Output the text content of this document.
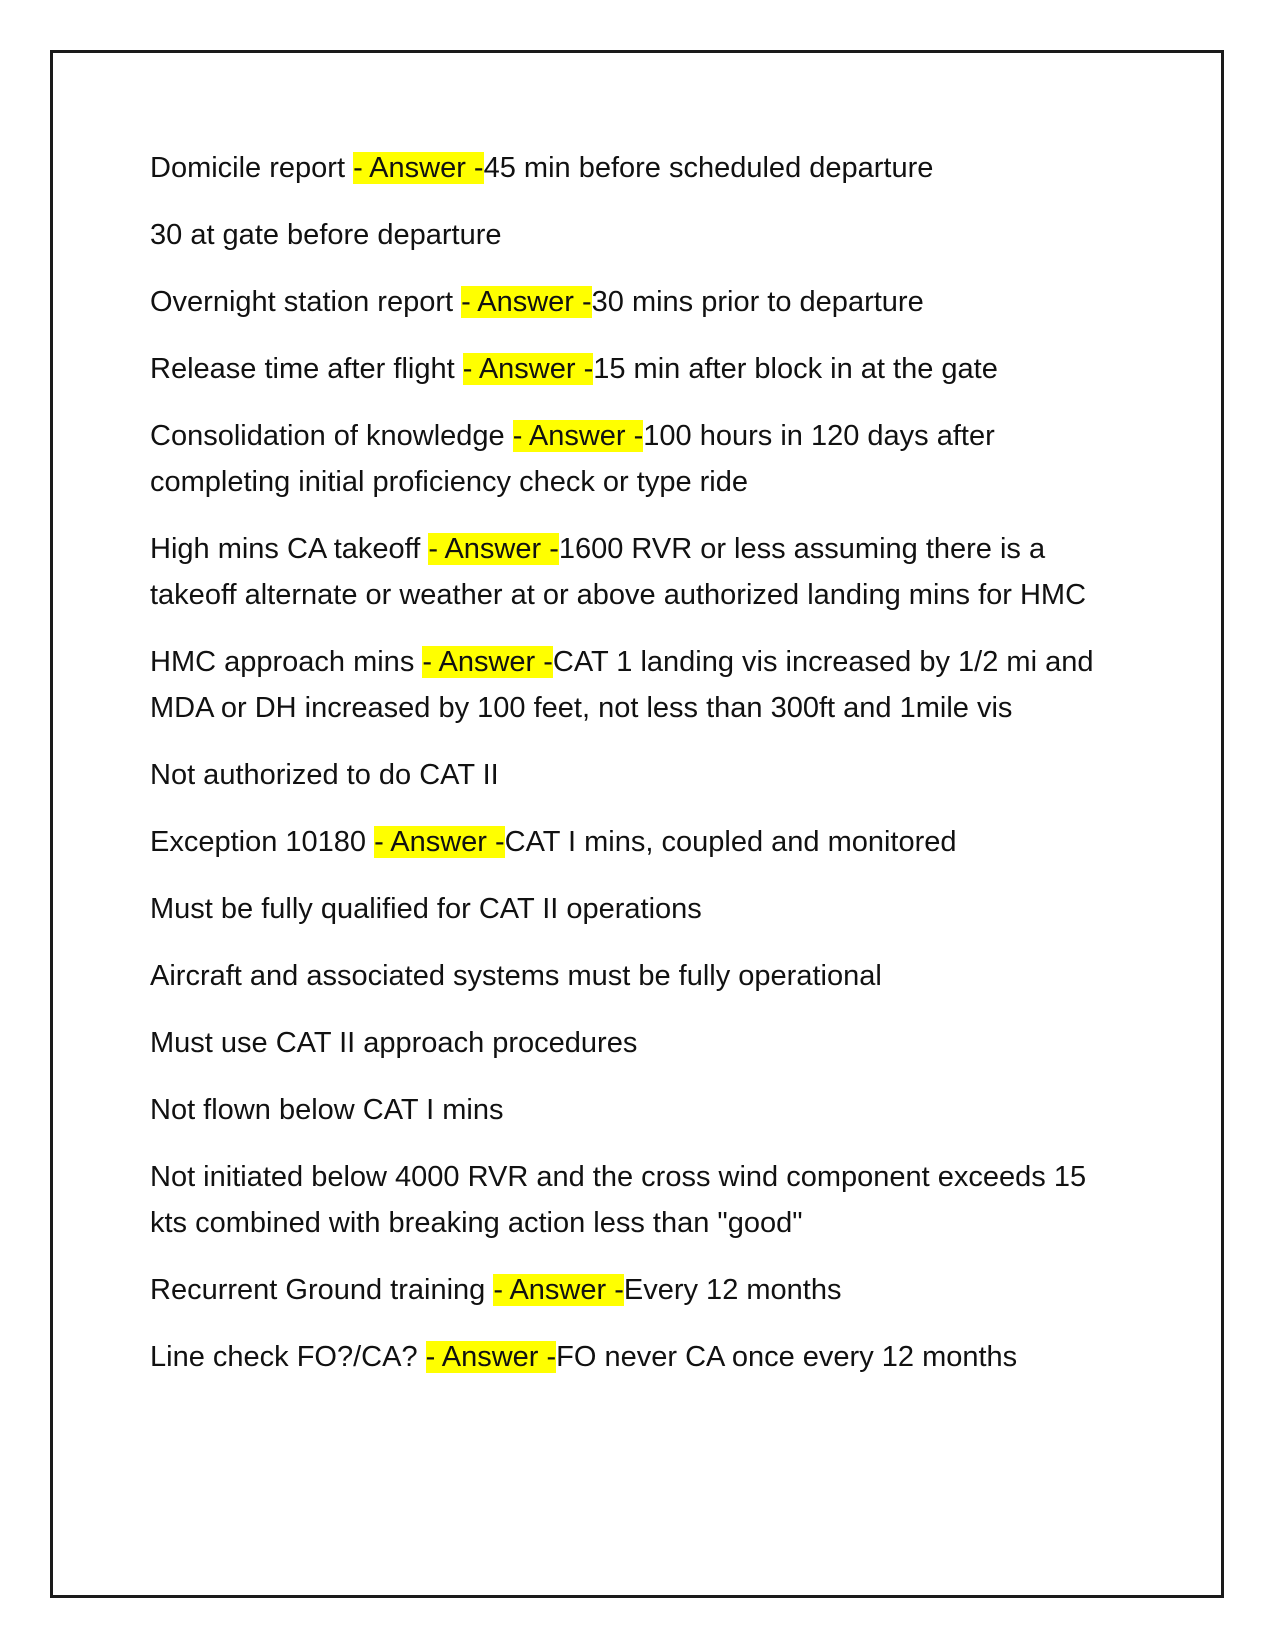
Domicile report - Answer -45 min before scheduled departure

30 at gate before departure

Overnight station report - Answer -30 mins prior to departure

Release time after flight - Answer -15 min after block in at the gate

Consolidation of knowledge - Answer -100 hours in 120 days after completing initial proficiency check or type ride

High mins CA takeoff - Answer -1600 RVR or less assuming there is a takeoff alternate or weather at or above authorized landing mins for HMC

HMC approach mins - Answer -CAT 1 landing vis increased by 1/2 mi and MDA or DH increased by 100 feet, not less than 300ft and 1mile vis

Not authorized to do CAT II

Exception 10180 - Answer -CAT I mins, coupled and monitored

Must be fully qualified for CAT II operations

Aircraft and associated systems must be fully operational

Must use CAT II approach procedures

Not flown below CAT I mins

Not initiated below 4000 RVR and the cross wind component exceeds 15 kts combined with breaking action less than "good"

Recurrent Ground training - Answer -Every 12 months

Line check FO?/CA? - Answer -FO never CA once every 12 months
